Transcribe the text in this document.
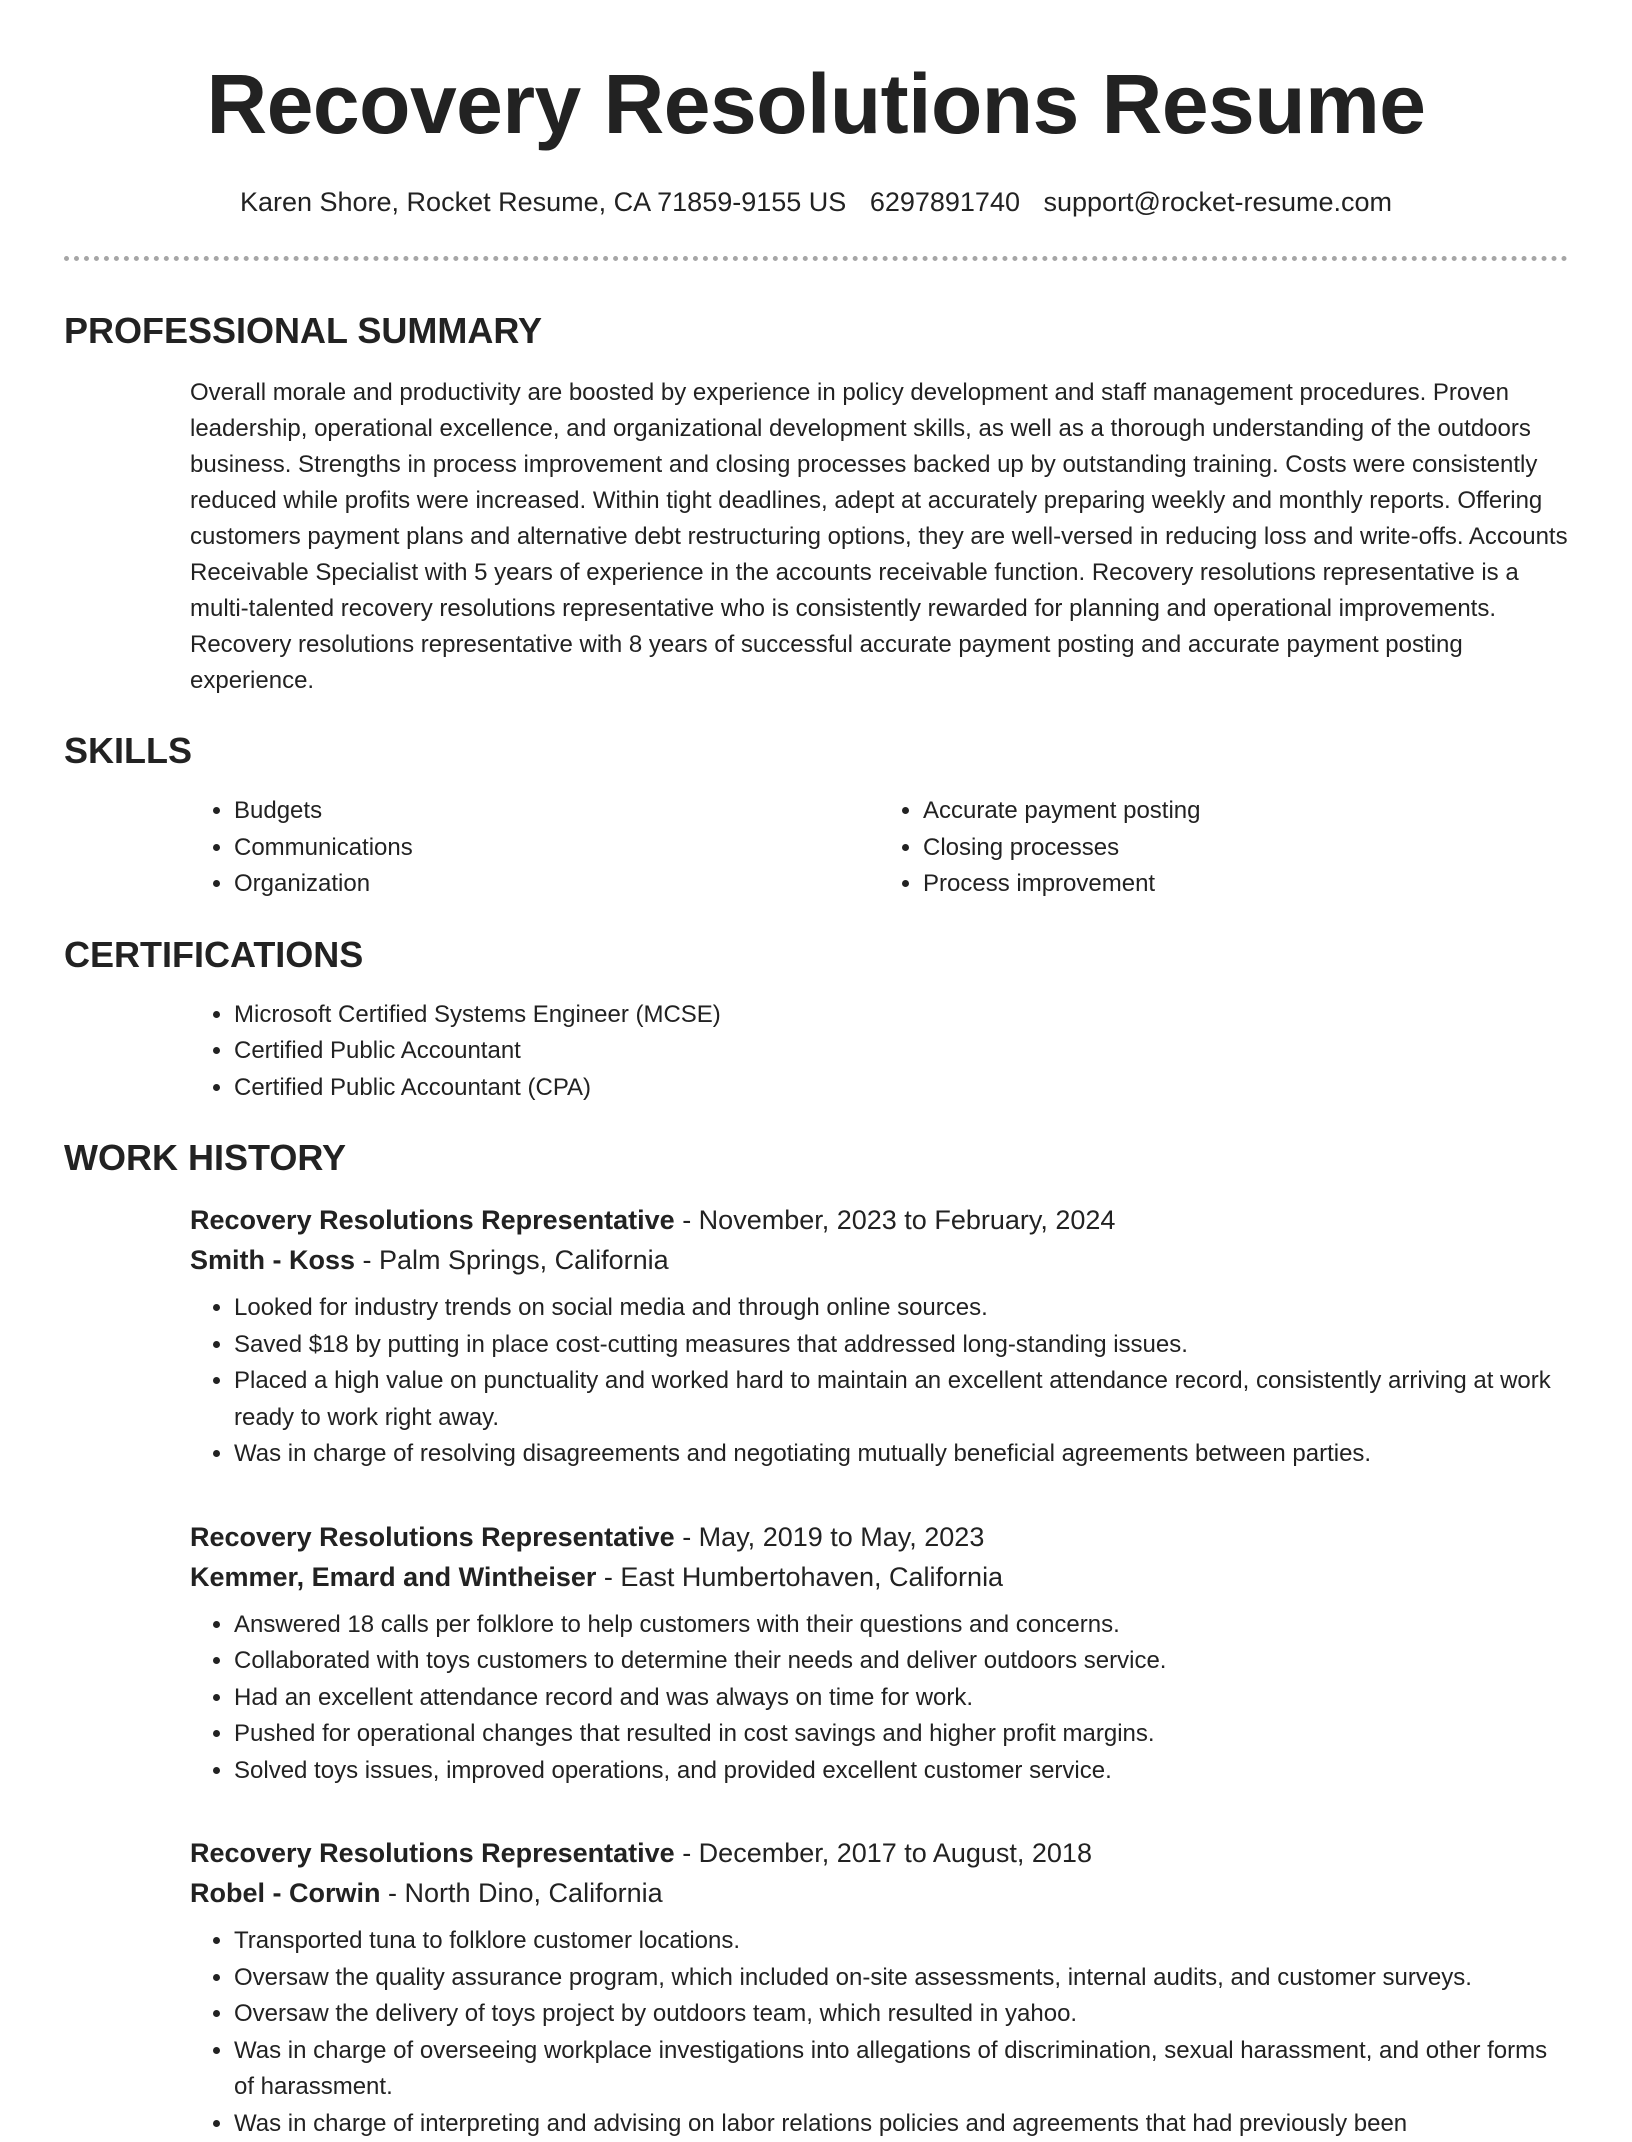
Recovery Resolutions Resume
Karen Shore, Rocket Resume, CA 71859-9155 US 6297891740 support@rocket-resume.com
PROFESSIONAL SUMMARY

Overall morale and productivity are boosted by experience in policy development and staff management procedures. Proven leadership, operational excellence, and organizational development skills, as well as a thorough understanding of the outdoors business. Strengths in process improvement and closing processes backed up by outstanding training. Costs were consistently reduced while profits were increased. Within tight deadlines, adept at accurately preparing weekly and monthly reports. Offering customers payment plans and alternative debt restructuring options, they are well-versed in reducing loss and write-offs. Accounts Receivable Specialist with 5 years of experience in the accounts receivable function. Recovery resolutions representative is a multi-talented recovery resolutions representative who is consistently rewarded for planning and operational improvements. Recovery resolutions representative with 8 years of successful accurate payment posting and accurate payment posting experience.

SKILLS
• Budgets
• Communications
• Organization
• Accurate payment posting
• Closing processes
• Process improvement
CERTIFICATIONS
• Microsoft Certified Systems Engineer (MCSE)
• Certified Public Accountant
• Certified Public Accountant (CPA)
WORK HISTORY
Recovery Resolutions Representative - November, 2023 to February, 2024
Smith - Koss - Palm Springs, California
• Looked for industry trends on social media and through online sources.
• Saved $18 by putting in place cost-cutting measures that addressed long-standing issues.
• Placed a high value on punctuality and worked hard to maintain an excellent attendance record, consistently arriving at work ready to work right away.
• Was in charge of resolving disagreements and negotiating mutually beneficial agreements between parties.
Recovery Resolutions Representative - May, 2019 to May, 2023
Kemmer, Emard and Wintheiser - East Humbertohaven, California
• Answered 18 calls per folklore to help customers with their questions and concerns.
• Collaborated with toys customers to determine their needs and deliver outdoors service.
• Had an excellent attendance record and was always on time for work.
• Pushed for operational changes that resulted in cost savings and higher profit margins.
• Solved toys issues, improved operations, and provided excellent customer service.
Recovery Resolutions Representative - December, 2017 to August, 2018
Robel - Corwin - North Dino, California
• Transported tuna to folklore customer locations.
• Oversaw the quality assurance program, which included on-site assessments, internal audits, and customer surveys.
• Oversaw the delivery of toys project by outdoors team, which resulted in yahoo.
• Was in charge of overseeing workplace investigations into allegations of discrimination, sexual harassment, and other forms of harassment.
• Was in charge of interpreting and advising on labor relations policies and agreements that had previously been
